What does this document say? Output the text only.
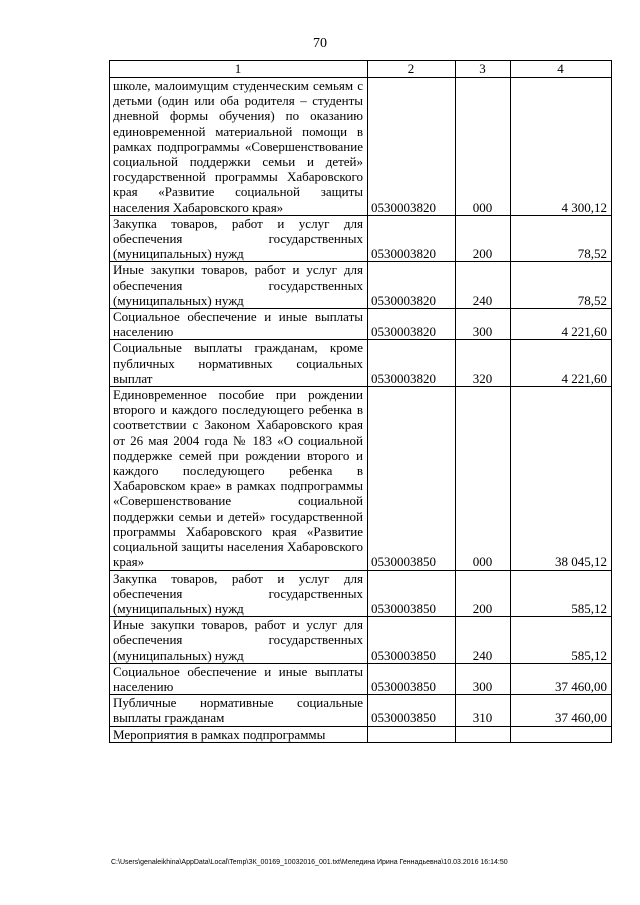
70
1	2	3	4
школе, малоимущим студенческим семьям с детьми (один или оба родителя – студенты дневной формы обучения) по оказанию единовременной материальной помощи в рамках подпрограммы «Совершенствование социальной поддержки семьи и детей» государственной программы Хабаровского края «Развитие социальной защиты населения Хабаровского края»	0530003820	000	4 300,12
Закупка товаров, работ и услуг для обеспечения государственных (муниципальных) нужд	0530003820	200	78,52
Иные закупки товаров, работ и услуг для обеспечения государственных (муниципальных) нужд	0530003820	240	78,52
Социальное обеспечение и иные выплаты населению	0530003820	300	4 221,60
Социальные выплаты гражданам, кроме публичных нормативных социальных выплат	0530003820	320	4 221,60
Единовременное пособие при рождении второго и каждого последующего ребенка в соответствии с Законом Хабаровского края от 26 мая 2004 года № 183 «О социальной поддержке семей при рождении второго и каждого последующего ребенка в Хабаровском крае» в рамках подпрограммы «Совершенствование социальной поддержки семьи и детей» государственной программы Хабаровского края «Развитие социальной защиты населения Хабаровского края»	0530003850	000	38 045,12
Закупка товаров, работ и услуг для обеспечения государственных (муниципальных) нужд	0530003850	200	585,12
Иные закупки товаров, работ и услуг для обеспечения государственных (муниципальных) нужд	0530003850	240	585,12
Социальное обеспечение и иные выплаты населению	0530003850	300	37 460,00
Публичные нормативные социальные выплаты гражданам	0530003850	310	37 460,00
Мероприятия в рамках подпрограммы			
C:\Users\genaleikhina\AppData\Local\Temp\ЗК_00169_10032016_001.txt\Меледина Ирина Геннадьевна\10.03.2016 16:14:50
